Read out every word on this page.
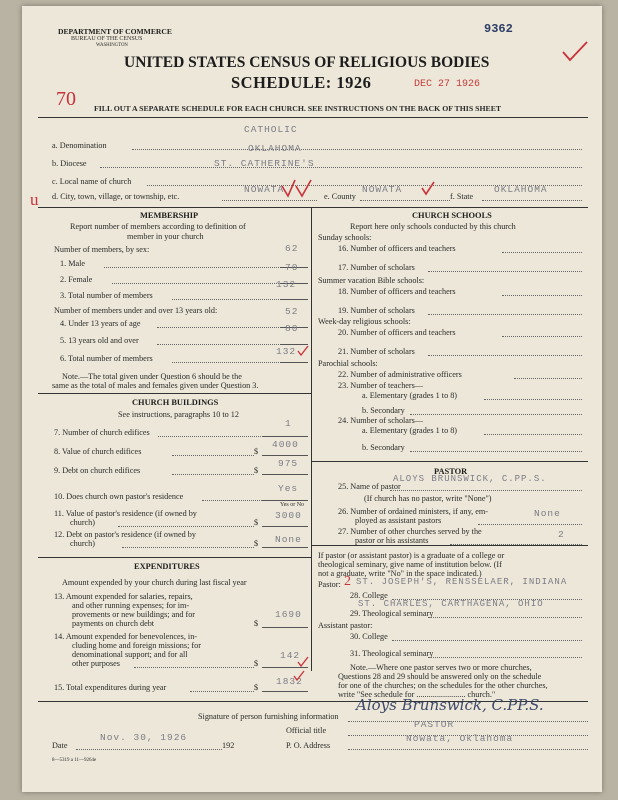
DEPARTMENT OF COMMERCE
BUREAU OF THE CENSUS
WASHINGTON
9362
UNITED STATES CENSUS OF RELIGIOUS BODIES
SCHEDULE: 1926	DEC 27 1926
70 FILL OUT A SEPARATE SCHEDULE FOR EACH CHURCH. SEE INSTRUCTIONS ON THE BACK OF THIS SHEET
a. Denomination
CATHOLIC
b. Diocese
OKLAHOMA
c. Local name of church
ST. CATHERINE'S
u d. City, town, village, or township, etc.
NOWATA
e. County
NOWATA
f. State
OKLAHOMA
MEMBERSHIP
Report number of members according to definition of
member in your church
Number of members, by sex:
1. Male
62
2. Female
70
3. Total number of members
132
Number of members under and over 13 years old:
4. Under 13 years of age
52
5. 13 years old and over
80
6. Total number of members
132
Note.—The total given under Question 6 should be the
same as the total of males and females given under Question 3.
CHURCH BUILDINGS
See instructions, paragraphs 10 to 12
7. Number of church edifices
1
8. Value of church edifices	$
4000
9. Debt on church edifices	$
975
10. Does church own pastor's residence
Yes
Yes or No
11. Value of pastor's residence (if owned by
church)	$
3000
12. Debt on pastor's residence (if owned by
church)	$ None
EXPENDITURES
Amount expended by your church during last fiscal year
13. Amount expended for salaries, repairs,
and other running expenses; for im-
provements or new buildings; and for
payments on church debt	$
1690
14. Amount expended for benevolences, in-
cluding home and foreign missions; for
denominational support; and for all
other purposes	$
142
15. Total expenditures during year	$
1832
CHURCH SCHOOLS
Report here only schools conducted by this church
Sunday schools:
16. Number of officers and teachers
17. Number of scholars
Summer vacation Bible schools:
18. Number of officers and teachers
19. Number of scholars
Week-day religious schools:
20. Number of officers and teachers
21. Number of scholars
Parochial schools:
22. Number of administrative officers
23. Number of teachers—
a. Elementary (grades 1 to 8)
b. Secondary
24. Number of scholars—
a. Elementary (grades 1 to 8)
b. Secondary
PASTOR
25. Name of pastor
ALOYS BRUNSWICK, C.PP.S.
(If church has no pastor, write "None")
26. Number of ordained ministers, if any, em-
ployed as assistant pastors
None
27. Number of other churches served by the
pastor or his assistants
2
If pastor (or assistant pastor) is a graduate of a college or
theological seminary, give name of institution below. (If
not a graduate, write "No" in the space indicated.)
Pastor: 2 ST. JOSEPH'S, RENSSELAER, INDIANA
28. College
ST. CHARLES, CARTHAGENA, OHIO
29. Theological seminary
Assistant pastor:
30. College
31. Theological seminary
Note.—Where one pastor serves two or more churches,
Questions 28 and 29 should be answered only on the schedule
for one of the churches; on the schedules for the other churches,
write "See schedule for ........................ church."
Signature of person furnishing information
Aloys Brunswick, C.PP.S.
Official title
PASTOR
Date
Nov. 30, 1926
192	P. O. Address
Nowata, Oklahoma
8—5319 a 11—9264e
